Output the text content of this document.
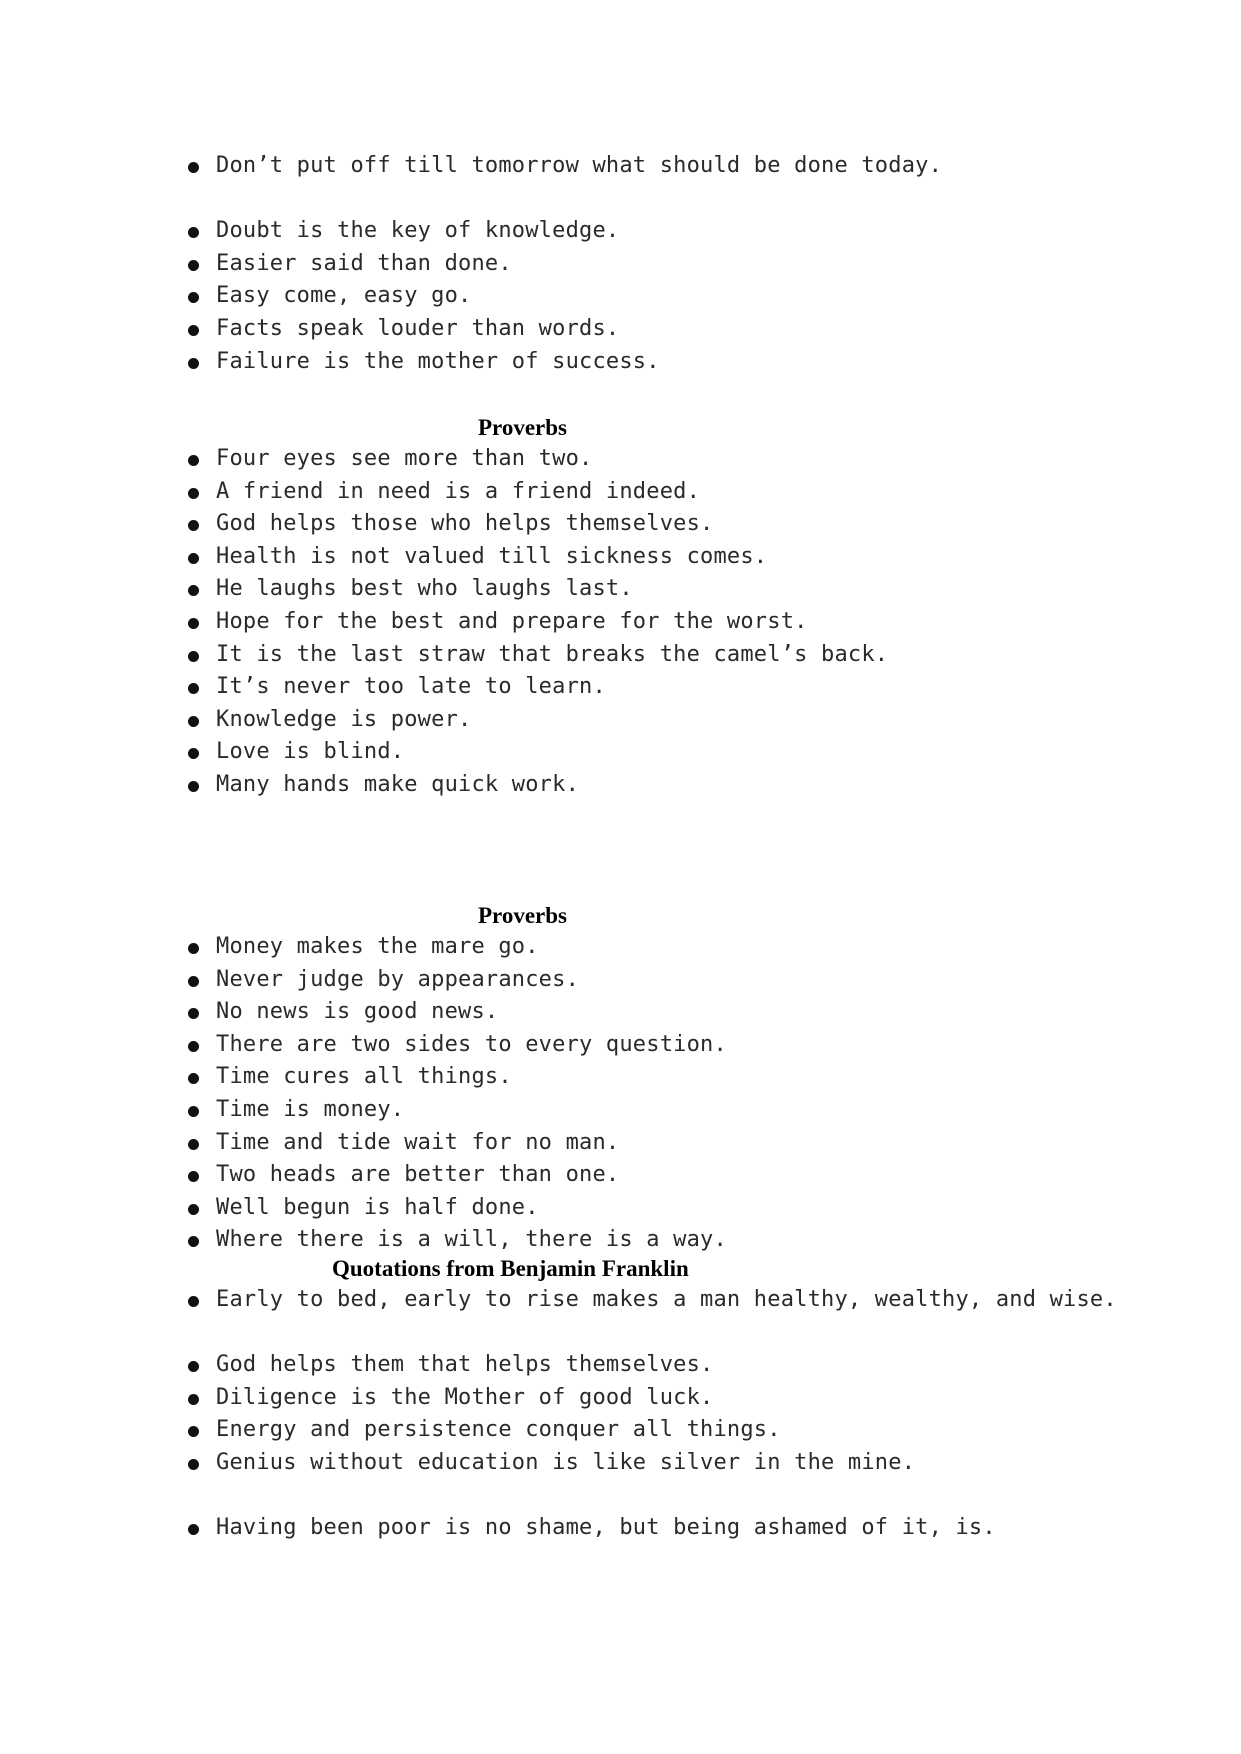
Don’t put off till tomorrow what should be done today.
Doubt is the key of knowledge.
Easier said than done.
Easy come, easy go.
Facts speak louder than words.
Failure is the mother of success.
Proverbs
Four eyes see more than two.
A friend in need is a friend indeed.
God helps those who helps themselves.
Health is not valued till sickness comes.
He laughs best who laughs last.
Hope for the best and prepare for the worst.
It is the last straw that breaks the camel’s back.
It’s never too late to learn.
Knowledge is power.
Love is blind.
Many hands make quick work.
Proverbs
Money makes the mare go.
Never judge by appearances.
No news is good news.
There are two sides to every question.
Time cures all things.
Time is money.
Time and tide wait for no man.
Two heads are better than one.
Well begun is half done.
Where there is a will, there is a way.
Quotations from Benjamin Franklin
Early to bed, early to rise makes a man healthy, wealthy, and wise.
God helps them that helps themselves.
Diligence is the Mother of good luck.
Energy and persistence conquer all things.
Genius without education is like silver in the mine.
Having been poor is no shame, but being ashamed of it, is.
